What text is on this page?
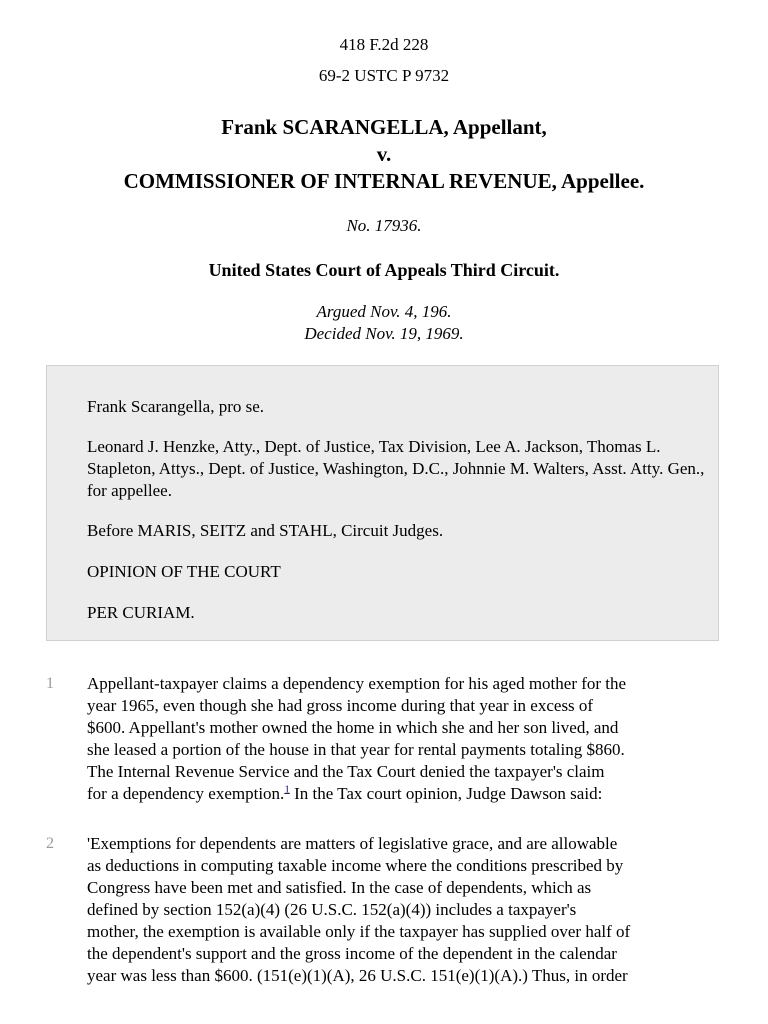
418 F.2d 228
69-2 USTC P 9732
Frank SCARANGELLA, Appellant,
v.
COMMISSIONER OF INTERNAL REVENUE, Appellee.
No. 17936.
United States Court of Appeals Third Circuit.
Argued Nov. 4, 196.
Decided Nov. 19, 1969.

Frank Scarangella, pro se.

Leonard J. Henzke, Atty., Dept. of Justice, Tax Division, Lee A. Jackson, Thomas L. Stapleton, Attys., Dept. of Justice, Washington, D.C., Johnnie M. Walters, Asst. Atty. Gen., for appellee.

Before MARIS, SEITZ and STAHL, Circuit Judges.

OPINION OF THE COURT

PER CURIAM.

1 Appellant-taxpayer claims a dependency exemption for his aged mother for the
year 1965, even though she had gross income during that year in excess of
$600. Appellant's mother owned the home in which she and her son lived, and
she leased a portion of the house in that year for rental payments totaling $860.
The Internal Revenue Service and the Tax Court denied the taxpayer's claim
for a dependency exemption.$^1$ In the Tax court opinion, Judge Dawson said:

2 'Exemptions for dependents are matters of legislative grace, and are allowable
as deductions in computing taxable income where the conditions prescribed by
Congress have been met and satisfied. In the case of dependents, which as
defined by section 152(a)(4) (26 U.S.C. 152(a)(4)) includes a taxpayer's
mother, the exemption is available only if the taxpayer has supplied over half of
the dependent's support and the gross income of the dependent in the calendar
year was less than $600. (151(e)(1)(A), 26 U.S.C. 151(e)(1)(A).) Thus, in order
